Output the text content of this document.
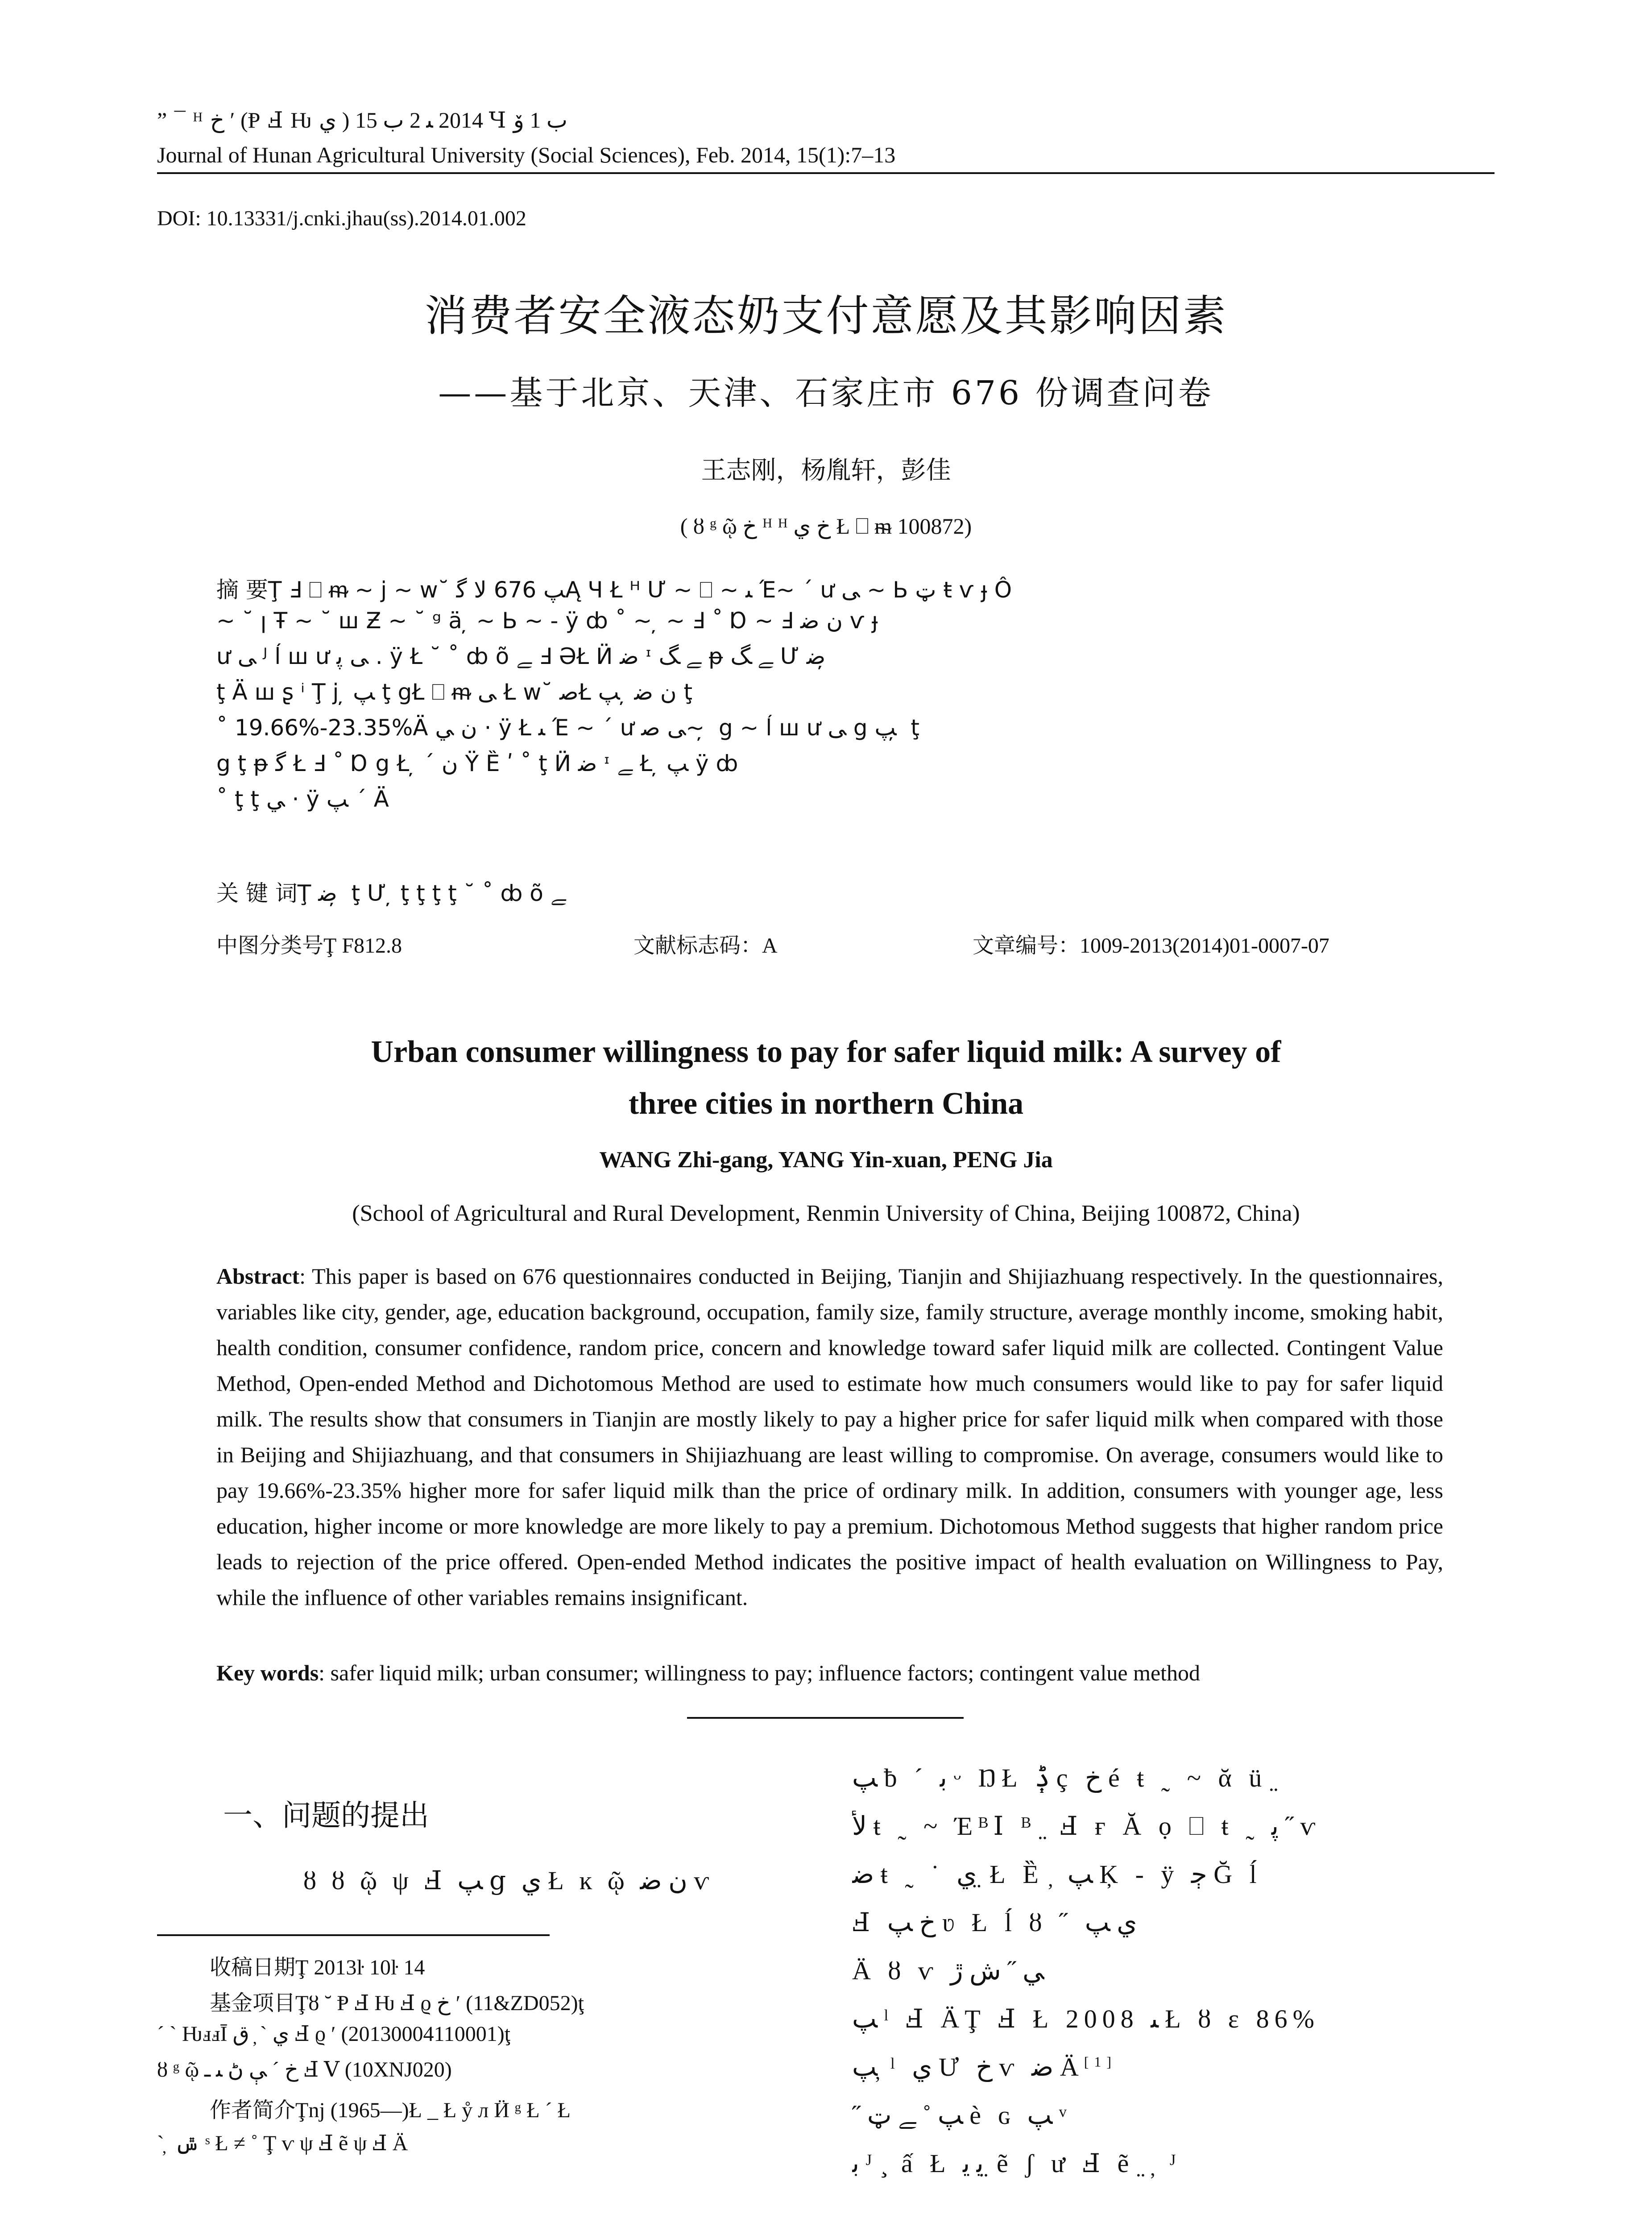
” ¯ ᴴ ﺥ ʹ (Ᵽ Ⅎ Ƕ ﻱ ) 2014 ﯩ 2 ﺏ 15 Ɥ ﺏ 1 ﯙ
Journal of Hunan Agricultural University (Social Sciences), Feb. 2014, 15(1):7–13
DOI: 10.13331/j.cnki.jhau(ss).2014.01.002
消费者安全液态奶支付意愿及其影响因素
——基于北京、天津、石家庄市 676 份调查问卷
王志刚，杨胤轩，彭佳
( ȣ ᵍ ῷ ﺥ ᴴ ᴴ ﺥ ﻱ Ł ⎕ ᵯ 100872)
摘 要Ţ Ⅎ ⎕ ᵯ ~ j ~ w˘ ﭗ 676 ﻻ ﮔĄ Ɥ Ł ᴴ Ư ~ ⎕ ~ ﯩ Έ~ ´ ư ﯽ ~ Ь ټ ŧ ѵ ɟ Ô
~ ˘ ꞁ Ŧ ~ ˘ ꟺ Ƶ ~ ˘ ᵍ ä ̦ ~ Ь ~ - ÿ ȸ ˚ ~ ̦ ~ Ⅎ ˚ Ɒ ~ Ⅎ ﻥ ﺿ ѵ ɟ
ư ﯽ ᴶ ĺ ꟺ ư ﯽ ﭘ . ÿ Ł ˘ ˚ ȸ õ ﮯ Ⅎ ƏŁ Ӥ ﺿ ᶦ ﮯ ﮓ ᵽ ﮯ ﮓ Ư ﺿ ̦
ţ Ä ꟺ ʂ ⁱ Ţ j ̦ ﭗ ţ ցŁ ⎕ ᵯ ﯽ Ł w˘ ﺻŁ ﻥ ﺿ ̦ ﭗ ţ
˚ 19.66%-23.35%Ä ﻥ ﻲ · ÿ Ł ﯩ Έ ~ ´ ư ﯽ ﺻ~ ̦ ց ~ ĺ ꟺ ư ﯽ ց ﭗ ̦ ţ
ց ţ ᵽ ﮔ Ł Ⅎ ˚ Ɒ ց Ł ̦ ´ ﻥ Ÿ Ȅ ʹ ˚ ţ Ӥ ﺿ ᶦ ﮯ Ł ̦ ﭗ ÿ ȸ
˚ ţ ţ ﻲ · ÿ ﭗ ´ Ä
关 键 词Ţ ﺿ ̦ ţ Ư ̦ ţ ţ ţ ţ ˘ ˚ ȸ õ ﮯ
中图分类号Ţ F812.8	文献标志码：A	文章编号：1009-2013(2014)01-0007-07
Urban consumer willingness to pay for safer liquid milk: A survey of
three cities in northern China
WANG Zhi-gang, YANG Yin-xuan, PENG Jia
(School of Agricultural and Rural Development, Renmin University of China, Beijing 100872, China)
Abstract: This paper is based on 676 questionnaires conducted in Beijing, Tianjin and Shijiazhuang respectively. In the questionnaires, variables like city, gender, age, education background, occupation, family size, family structure, average monthly income, smoking habit, health condition, consumer confidence, random price, concern and knowledge toward safer liquid milk are collected. Contingent Value Method, Open-ended Method and Dichotomous Method are used to estimate how much consumers would like to pay for safer liquid milk. The results show that consumers in Tianjin are mostly likely to pay a higher price for safer liquid milk when compared with those in Beijing and Shijiazhuang, and that consumers in Shijiazhuang are least willing to compromise. On average, consumers would like to pay 19.66%-23.35% higher more for safer liquid milk than the price of ordinary milk. In addition, consumers with younger age, less education, higher income or more knowledge are more likely to pay a premium. Dichotomous Method suggests that higher random price leads to rejection of the price offered. Open-ended Method indicates the positive impact of health evaluation on Willingness to Pay, while the influence of other variables remains insignificant.
Key words: safer liquid milk; urban consumer; willingness to pay; influence factors; contingent value method
一、问题的提出
ȣ ȣ ῷ ψ Ⅎ ﭗ ց ﻱ Ł ĸ ῷ ﻥ ﺿ ѵ
收稿日期Ţ 2013ŀ 10ŀ 14
基金项目Ţȣ ˘ Ᵽ Ⅎ Ƕ Ⅎ ϱ ﺥ ʹ (11&ZD052)ţ
´ ˋ ǶⅎⅎĪ ﻱ ˋ ̦ ﻕ Ⅎ ϱ ʹ (20130004110001)ţ
ȣ ᵍ ῷ ﺥ ´ ﯥ ڻ ﯩ ـ Ⅎ Ⅴ (10XNJ020)
作者简介Ţnj (1965—)Ł _ Ł ẙ л Ӥ ᵍ Ł ´ Ł
ˋ ̦ ݜ ˢ Ł ≠ ˚ Ţ ѵ ψ Ⅎ ẽ ψ Ⅎ Ä
ﭗ ƀ ´ ﺑ ᵕ ŊŁ ݙ ç ﺥ é ŧ ˷ ~ ᾰ ü ̤
ﻷ ŧ ˷ ~ ΈᴮⅠ ᴮ ̤ Ⅎ ғ Ă ọ ⎕ ŧ ˷ ﭘ ˝ ѵ
ﺿ ŧ ˷ ˙ ﻱ ̤ Ł Ȅ ̦ ﭗ Ķ - ÿ ﭴ Ğ ĺ
Ⅎ ﺥ ﭗ ʋ Ł ĺ ȣ ˝ ﻱ ﭗ
Ä ȣ ѵ ﻲ ˝ ﺵ ڙ
ﭗ ˡ Ⅎ ÄŢ Ⅎ Ł 2008 ﯩ Ł ȣ ɛ 86%
ﭗ ̦ ˡ ﻱ Ư ﺥ ѵ ﺿ Ä[1]
˝ ﭗ ˚ ﮯ ټ è ɢ ﭗ ᵛ
ﺑ ᴶ ̧ ấ Ł ﯾ ﻳ ̤ ẽ ʃ ư Ⅎ ẽ ̤ ̦ ᴶ
